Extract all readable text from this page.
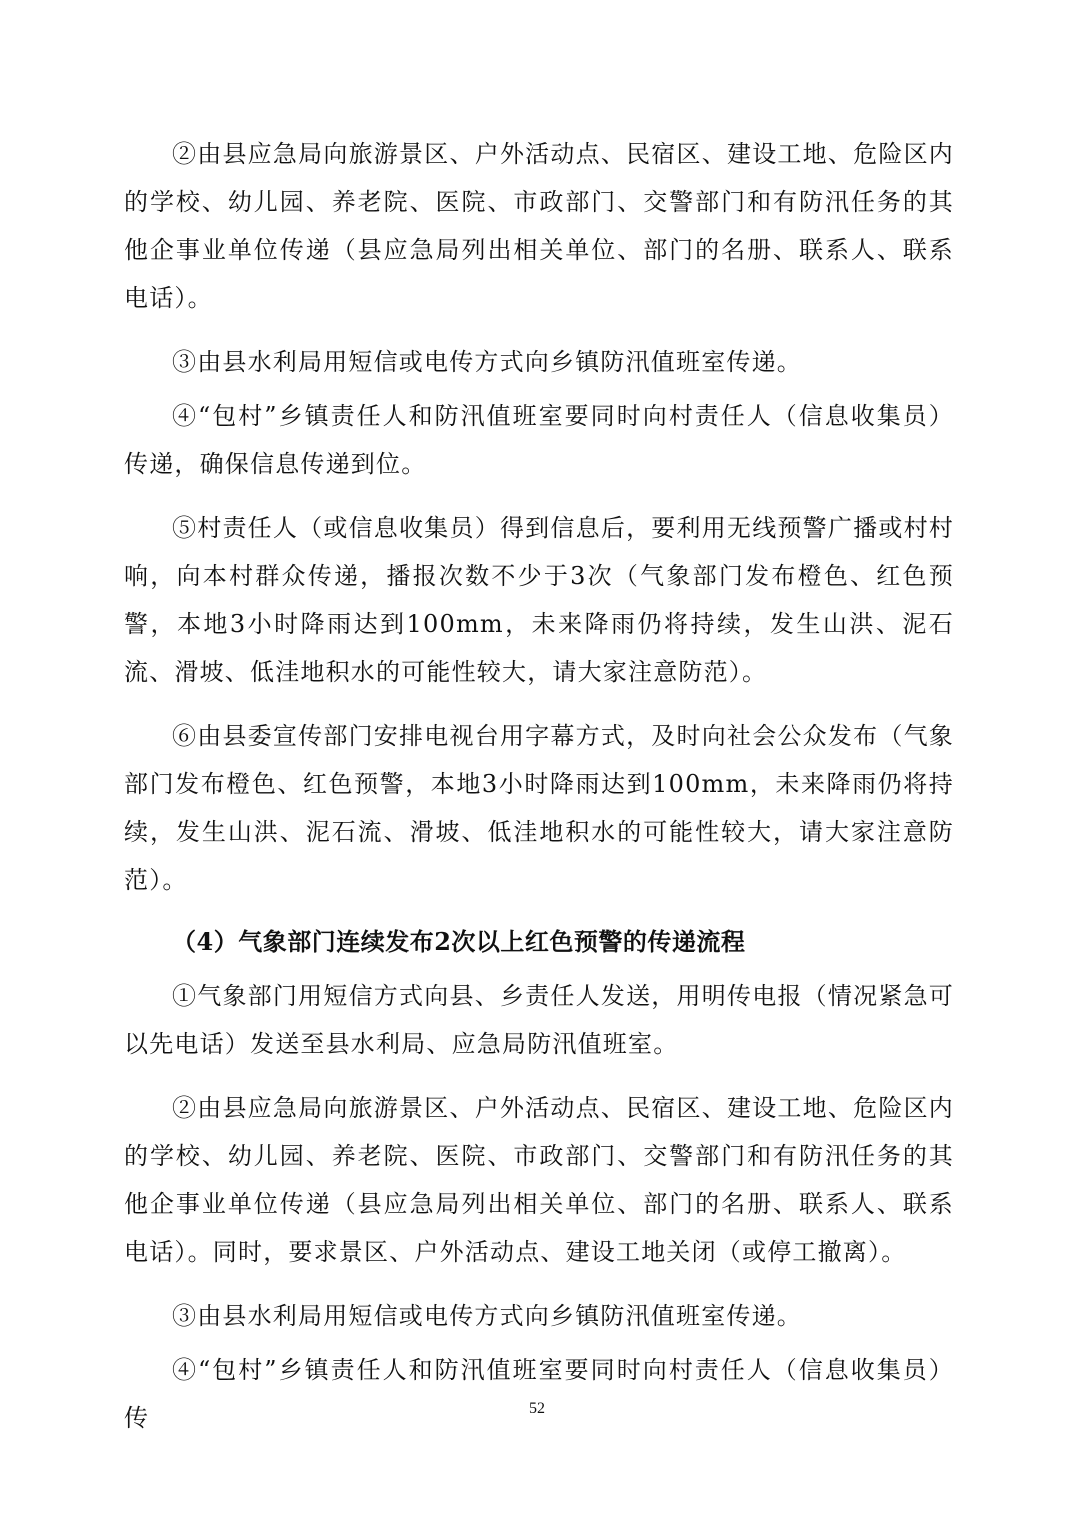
②由县应急局向旅游景区、户外活动点、民宿区、建设工地、危险区内的学校、幼儿园、养老院、医院、市政部门、交警部门和有防汛任务的其他企事业单位传递（县应急局列出相关单位、部门的名册、联系人、联系电话）。

③由县水利局用短信或电传方式向乡镇防汛值班室传递。

④“包村”乡镇责任人和防汛值班室要同时向村责任人（信息收集员）传递，确保信息传递到位。

⑤村责任人（或信息收集员）得到信息后，要利用无线预警广播或村村响，向本村群众传递，播报次数不少于3次（气象部门发布橙色、红色预警，本地3小时降雨达到100mm，未来降雨仍将持续，发生山洪、泥石流、滑坡、低洼地积水的可能性较大，请大家注意防范）。

⑥由县委宣传部门安排电视台用字幕方式，及时向社会公众发布（气象部门发布橙色、红色预警，本地3小时降雨达到100mm，未来降雨仍将持续，发生山洪、泥石流、滑坡、低洼地积水的可能性较大，请大家注意防范）。

（4）气象部门连续发布2次以上红色预警的传递流程

①气象部门用短信方式向县、乡责任人发送，用明传电报（情况紧急可以先电话）发送至县水利局、应急局防汛值班室。

②由县应急局向旅游景区、户外活动点、民宿区、建设工地、危险区内的学校、幼儿园、养老院、医院、市政部门、交警部门和有防汛任务的其他企事业单位传递（县应急局列出相关单位、部门的名册、联系人、联系电话）。同时，要求景区、户外活动点、建设工地关闭（或停工撤离）。

③由县水利局用短信或电传方式向乡镇防汛值班室传递。

④“包村”乡镇责任人和防汛值班室要同时向村责任人（信息收集员）传	52
